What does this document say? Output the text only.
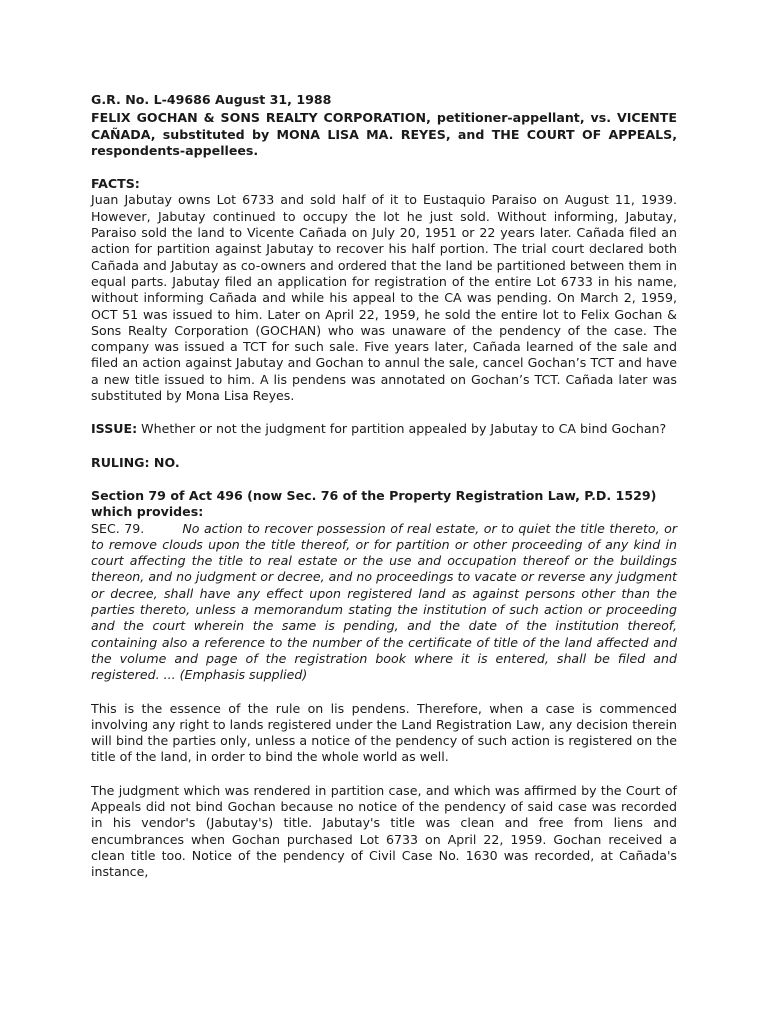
G.R. No. L-49686 August 31, 1988

FELIX GOCHAN & SONS REALTY CORPORATION, petitioner-appellant, vs. VICENTE CAÑADA, substituted by MONA LISA MA. REYES, and THE COURT OF APPEALS, respondents-appellees.

FACTS:

Juan Jabutay owns Lot 6733 and sold half of it to Eustaquio Paraiso on August 11, 1939. However, Jabutay continued to occupy the lot he just sold. Without informing, Jabutay, Paraiso sold the land to Vicente Cañada on July 20, 1951 or 22 years later. Cañada filed an action for partition against Jabutay to recover his half portion. The trial court declared both Cañada and Jabutay as co-owners and ordered that the land be partitioned between them in equal parts. Jabutay filed an application for registration of the entire Lot 6733 in his name, without informing Cañada and while his appeal to the CA was pending. On March 2, 1959, OCT 51 was issued to him. Later on April 22, 1959, he sold the entire lot to Felix Gochan & Sons Realty Corporation (GOCHAN) who was unaware of the pendency of the case. The company was issued a TCT for such sale. Five years later, Cañada learned of the sale and filed an action against Jabutay and Gochan to annul the sale, cancel Gochan’s TCT and have a new title issued to him. A lis pendens was annotated on Gochan’s TCT. Cañada later was substituted by Mona Lisa Reyes.

ISSUE: Whether or not the judgment for partition appealed by Jabutay to CA bind Gochan?

RULING: NO.

Section 79 of Act 496 (now Sec. 76 of the Property Registration Law, P.D. 1529) which provides:

SEC. 79.	No action to recover possession of real estate, or to quiet the title thereto, or to remove clouds upon the title thereof, or for partition or other proceeding of any kind in court affecting the title to real estate or the use and occupation thereof or the buildings thereon, and no judgment or decree, and no proceedings to vacate or reverse any judgment or decree, shall have any effect upon registered land as against persons other than the parties thereto, unless a memorandum stating the institution of such action or proceeding and the court wherein the same is pending, and the date of the institution thereof, containing also a reference to the number of the certificate of title of the land affected and the volume and page of the registration book where it is entered, shall be filed and registered. ... (Emphasis supplied)

This is the essence of the rule on lis pendens. Therefore, when a case is commenced involving any right to lands registered under the Land Registration Law, any decision therein will bind the parties only, unless a notice of the pendency of such action is registered on the title of the land, in order to bind the whole world as well.

The judgment which was rendered in partition case, and which was affirmed by the Court of Appeals did not bind Gochan because no notice of the pendency of said case was recorded in his vendor's (Jabutay's) title. Jabutay's title was clean and free from liens and encumbrances when Gochan purchased Lot 6733 on April 22, 1959. Gochan received a clean title too. Notice of the pendency of Civil Case No. 1630 was recorded, at Cañada's instance,
